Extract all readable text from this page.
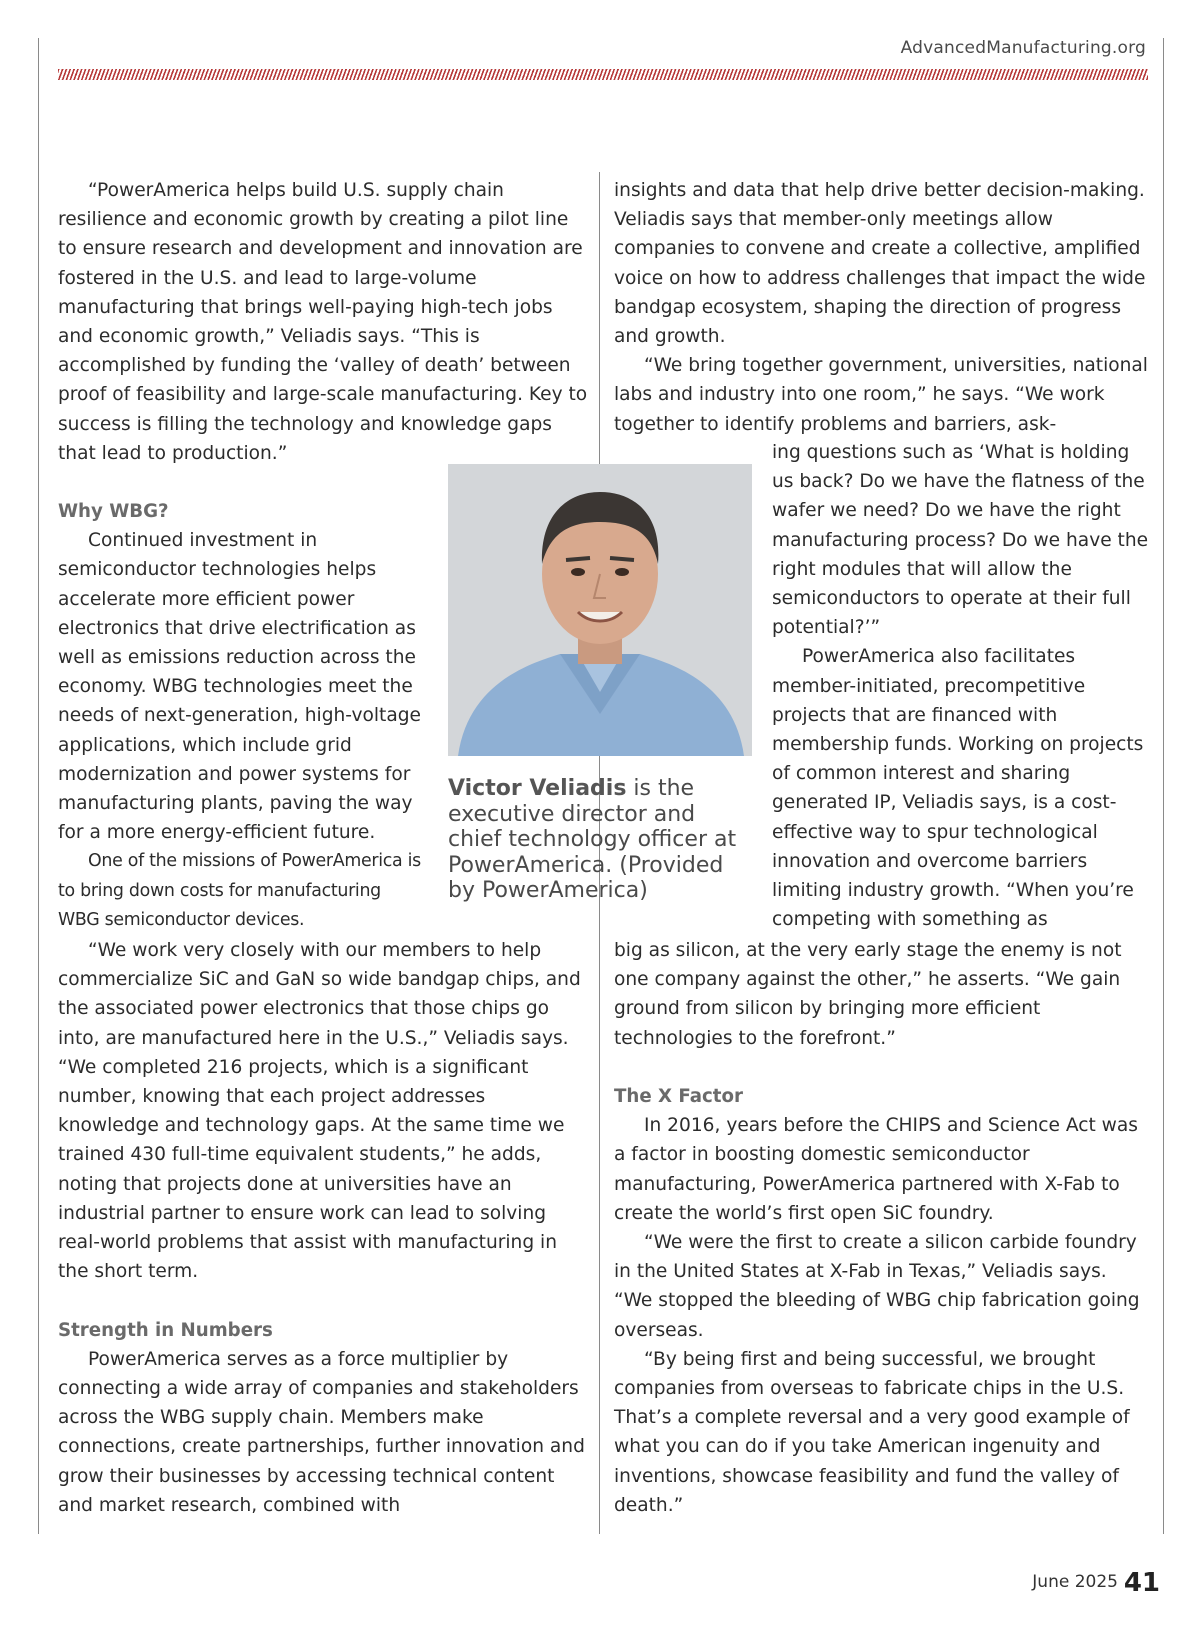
AdvancedManufacturing.org

“PowerAmerica helps build U.S. supply chain resilience and economic growth by creating a pilot line to ensure research and development and innovation are fostered in the U.S. and lead to large-volume manufacturing that brings well-paying high-tech jobs and economic growth,” Veliadis says. “This is accomplished by funding the ‘valley of death’ between proof of feasibility and large-scale manufacturing. Key to success is filling the technology and knowledge gaps that lead to production.”

Why WBG?

Continued investment in semiconductor technologies helps accelerate more efficient power electronics that drive electrification as well as emissions reduction across the economy. WBG technologies meet the needs of next-generation, high-voltage applications, which include grid modernization and power systems for manufacturing plants, paving the way for a more energy-efficient future.

One of the missions of PowerAmerica is to bring down costs for manufacturing WBG semiconductor devices.

“We work very closely with our members to help commercialize SiC and GaN so wide bandgap chips, and the associated power electronics that those chips go into, are manufactured here in the U.S.,” Veliadis says. “We completed 216 projects, which is a significant number, knowing that each project addresses knowledge and technology gaps. At the same time we trained 430 full-time equivalent students,” he adds, noting that projects done at universities have an industrial partner to ensure work can lead to solving real-world problems that assist with manufacturing in the short term.

Strength in Numbers

PowerAmerica serves as a force multiplier by connecting a wide array of companies and stakeholders across the WBG supply chain. Members make connections, create partnerships, further innovation and grow their businesses by accessing technical content and market research, combined with

insights and data that help drive better decision-making. Veliadis says that member-only meetings allow companies to convene and create a collective, amplified voice on how to address challenges that impact the wide bandgap ecosystem, shaping the direction of progress and growth.

“We bring together government, universities, national labs and industry into one room,” he says. “We work together to identify problems and barriers, ask-

ing questions such as ‘What is holding us back? Do we have the flatness of the wafer we need? Do we have the right manufacturing process? Do we have the right modules that will allow the semiconductors to operate at their full potential?’”

PowerAmerica also facilitates member-initiated, precompetitive projects that are financed with membership funds. Working on projects of common interest and sharing generated IP, Veliadis says, is a cost-effective way to spur technological innovation and overcome barriers limiting industry growth. “When you’re competing with something as

big as silicon, at the very early stage the enemy is not one company against the other,” he asserts. “We gain ground from silicon by bringing more efficient technologies to the forefront.”

The X Factor

In 2016, years before the CHIPS and Science Act was a factor in boosting domestic semiconductor manufacturing, PowerAmerica partnered with X-Fab to create the world’s first open SiC foundry.

“We were the first to create a silicon carbide foundry in the United States at X-Fab in Texas,” Veliadis says. “We stopped the bleeding of WBG chip fabrication going overseas.

“By being first and being successful, we brought companies from overseas to fabricate chips in the U.S. That’s a complete reversal and a very good example of what you can do if you take American ingenuity and inventions, showcase feasibility and fund the valley of death.”

Victor Veliadis is the executive director and chief technology officer at PowerAmerica. (Provided by PowerAmerica)
June 2025 41
